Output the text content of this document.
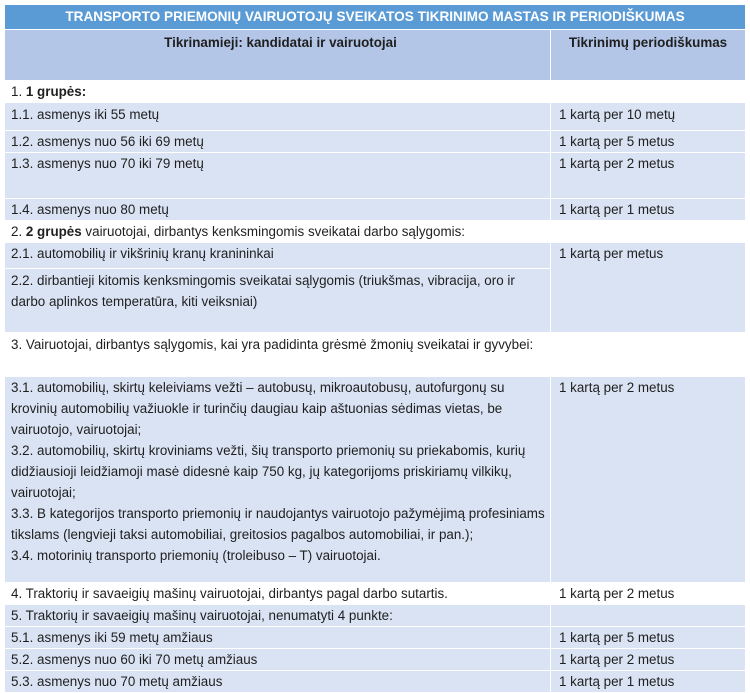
TRANSPORTO PRIEMONIŲ VAIRUOTOJŲ SVEIKATOS TIKRINIMO MASTAS IR PERIODIŠKUMAS	
Tikrinamieji: kandidatai ir vairuotojai	Tikrinimų periodiškumas
1. 1 grupės:	
1.1. asmenys iki 55 metų	1 kartą per 10 metų
1.2. asmenys nuo 56 iki 69 metų	1 kartą per 5 metus
1.3. asmenys nuo 70 iki 79 metų	1 kartą per 2 metus
1.4. asmenys nuo 80 metų	1 kartą per 1 metus
2. 2 grupės vairuotojai, dirbantys kenksmingomis sveikatai darbo sąlygomis:	
2.1. automobilių ir vikšrinių kranų kranininkai	1 kartą per metus
2.2. dirbantieji kitomis kenksmingomis sveikatai sąlygomis (triukšmas, vibracija, oro ir darbo aplinkos temperatūra, kiti veiksniai)	
3. Vairuotojai, dirbantys sąlygomis, kai yra padidinta grėsmė žmonių sveikatai ir gyvybei:	
3.1. automobilių, skirtų keleiviams vežti – autobusų, mikroautobusų, autofurgonų su krovinių automobilių važiuokle ir turinčių daugiau kaip aštuonias sėdimas vietas, be vairuotojo, vairuotojai;
3.2. automobilių, skirtų kroviniams vežti, šių transporto priemonių su priekabomis, kurių didžiausioji leidžiamoji masė didesnė kaip 750 kg, jų kategorijoms priskiriamų vilkikų, vairuotojai;
3.3. B kategorijos transporto priemonių ir naudojantys vairuotojo pažymėjimą profesiniams tikslams (lengvieji taksi automobiliai, greitosios pagalbos automobiliai, ir pan.);
3.4. motorinių transporto priemonių (troleibuso – T) vairuotojai.	1 kartą per 2 metus
4. Traktorių ir savaeigių mašinų vairuotojai, dirbantys pagal darbo sutartis.	1 kartą per 2 metus
5. Traktorių ir savaeigių mašinų vairuotojai, nenumatyti 4 punkte:	
5.1. asmenys iki 59 metų amžiaus	1 kartą per 5 metus
5.2. asmenys nuo 60 iki 70 metų amžiaus	1 kartą per 2 metus
5.3. asmenys nuo 70 metų amžiaus	1 kartą per 1 metus
